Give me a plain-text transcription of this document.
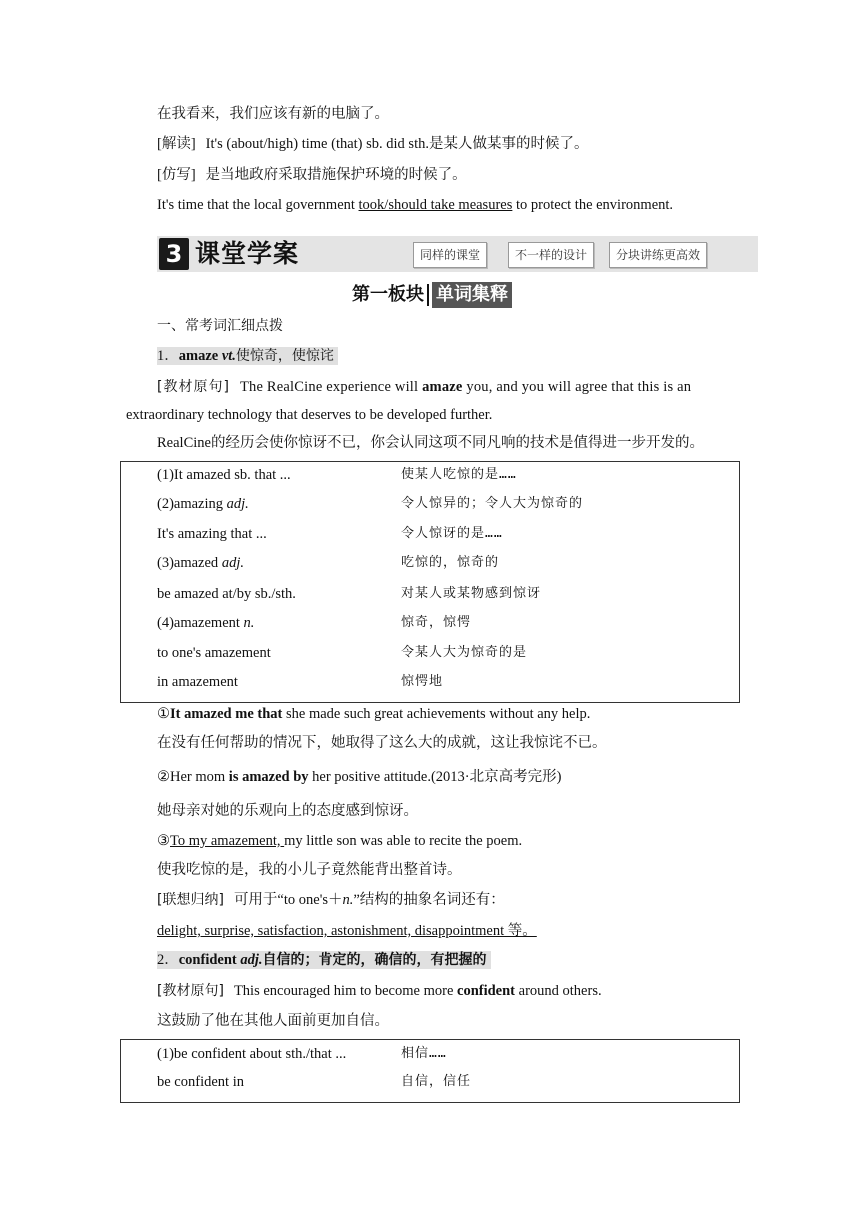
在我看来，我们应该有新的电脑了。
[解读] It's (about/high) time (that) sb. did sth.是某人做某事的时候了。
[仿写] 是当地政府采取措施保护环境的时候了。
It's time that the local government took/should take measures to protect the environment.
3 课堂学案	同样的课堂	不一样的设计	分块讲练更高效
第一板块 单词集释
一、常考词汇细点拨
1．amaze vt.使惊奇，使惊诧
[教材原句] The RealCine experience will amaze you, and you will agree that this is an
extraordinary technology that deserves to be developed further.
RealCine的经历会使你惊讶不已，你会认同这项不同凡响的技术是值得进一步开发的。
(1)It amazed sb. that ...	使某人吃惊的是……
(2)amazing adj.	令人惊异的；令人大为惊奇的
It's amazing that ...	令人惊讶的是……
(3)amazed adj.	吃惊的，惊奇的
be amazed at/by sb./sth.	对某人或某物感到惊讶
(4)amazement n.	惊奇，惊愕
to one's amazement	令某人大为惊奇的是
in amazement	惊愕地
①It amazed me that she made such great achievements without any help.
在没有任何帮助的情况下，她取得了这么大的成就，这让我惊诧不已。
②Her mom is amazed by her positive attitude.(2013·北京高考完形)
她母亲对她的乐观向上的态度感到惊讶。
③To my amazement, my little son was able to recite the poem.
使我吃惊的是，我的小儿子竟然能背出整首诗。
[联想归纳] 可用于“to one's＋n.”结构的抽象名词还有：
delight, surprise, satisfaction, astonishment, disappointment 等。
2．confident adj.自信的；肯定的，确信的，有把握的
[教材原句] This encouraged him to become more confident around others.
这鼓励了他在其他人面前更加自信。
(1)be confident about sth./that ...	相信……
be confident in	自信，信任
